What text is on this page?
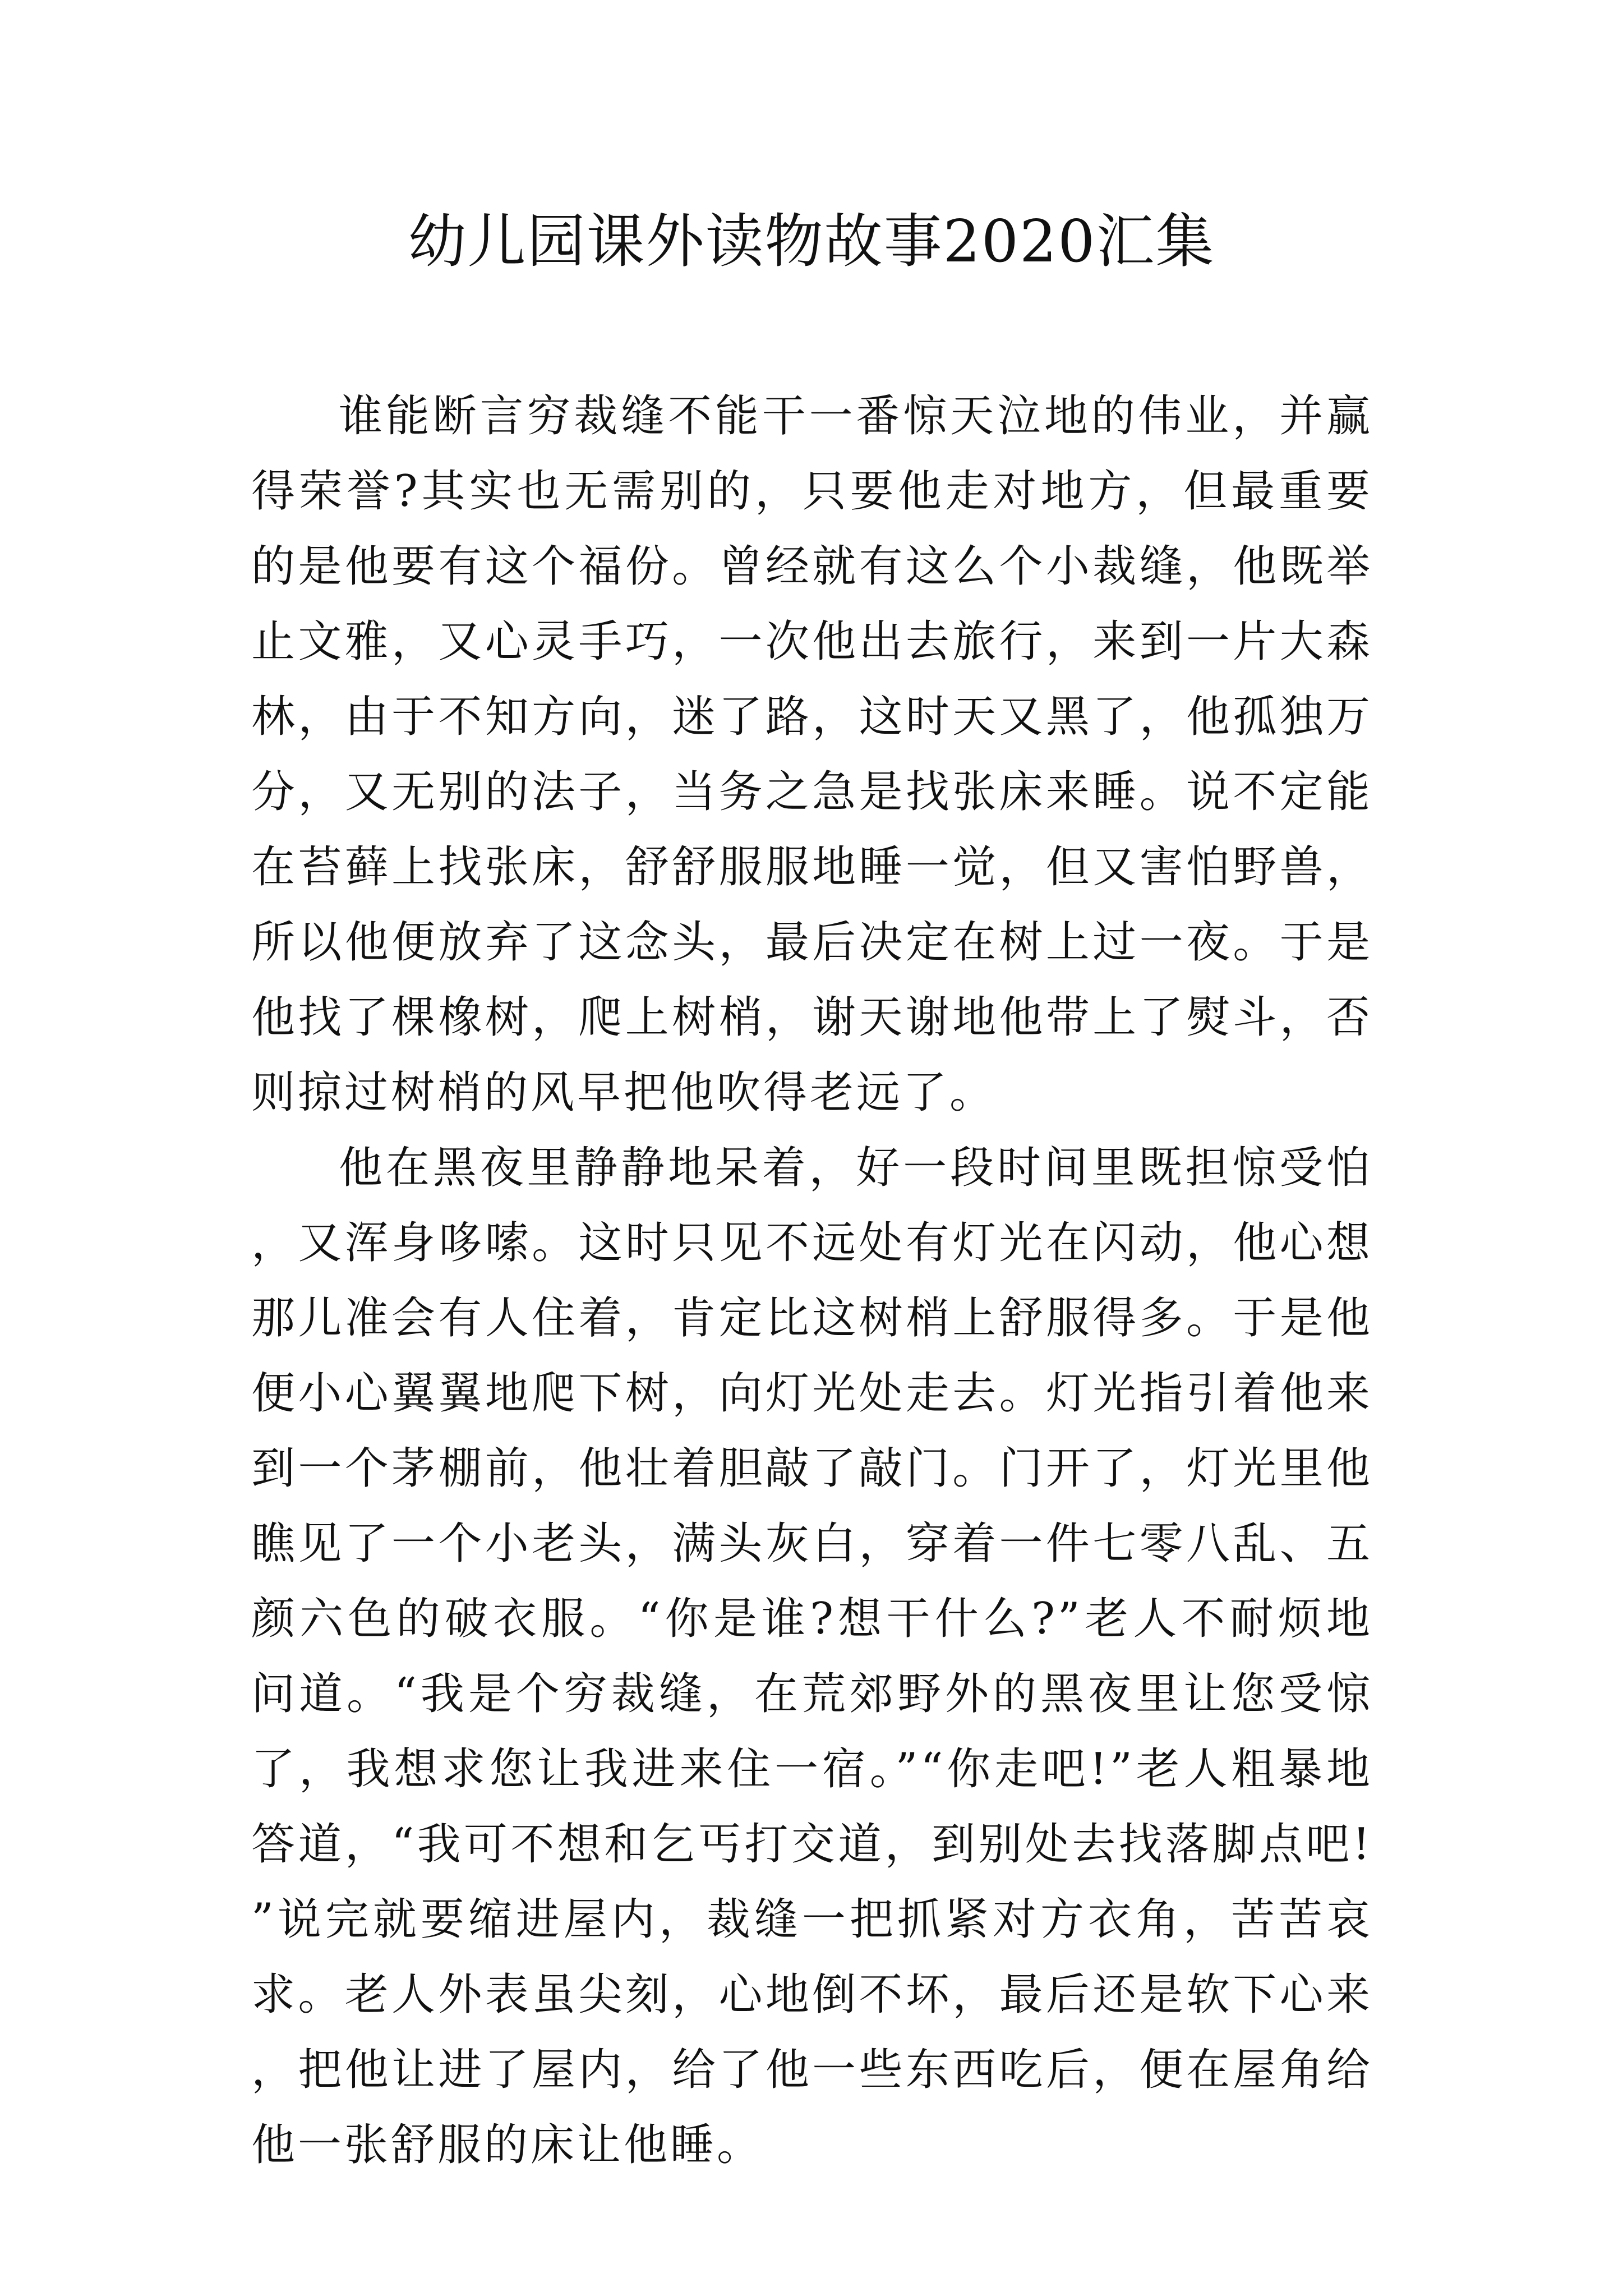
幼儿园课外读物故事2020汇集

谁能断言穷裁缝不能干一番惊天泣地的伟业，并赢得荣誉?其实也无需别的，只要他走对地方，但最重要的是他要有这个福份。曾经就有这么个小裁缝，他既举止文雅，又心灵手巧，一次他出去旅行，来到一片大森林，由于不知方向，迷了路，这时天又黑了，他孤独万分，又无别的法子，当务之急是找张床来睡。说不定能在苔藓上找张床，舒舒服服地睡一觉，但又害怕野兽，所以他便放弃了这念头，最后决定在树上过一夜。于是他找了棵橡树，爬上树梢，谢天谢地他带上了熨斗，否则掠过树梢的风早把他吹得老远了。

他在黑夜里静静地呆着，好一段时间里既担惊受怕，又浑身哆嗦。这时只见不远处有灯光在闪动，他心想那儿准会有人住着，肯定比这树梢上舒服得多。于是他便小心翼翼地爬下树，向灯光处走去。灯光指引着他来到一个茅棚前，他壮着胆敲了敲门。门开了，灯光里他瞧见了一个小老头，满头灰白，穿着一件七零八乱、五颜六色的破衣服。“你是谁?想干什么?”老人不耐烦地问道。“我是个穷裁缝，在荒郊野外的黑夜里让您受惊了，我想求您让我进来住一宿。”“你走吧!”老人粗暴地答道，“我可不想和乞丐打交道，到别处去找落脚点吧!”说完就要缩进屋内，裁缝一把抓紧对方衣角，苦苦哀求。老人外表虽尖刻，心地倒不坏，最后还是软下心来，把他让进了屋内，给了他一些东西吃后，便在屋角给他一张舒服的床让他睡。
